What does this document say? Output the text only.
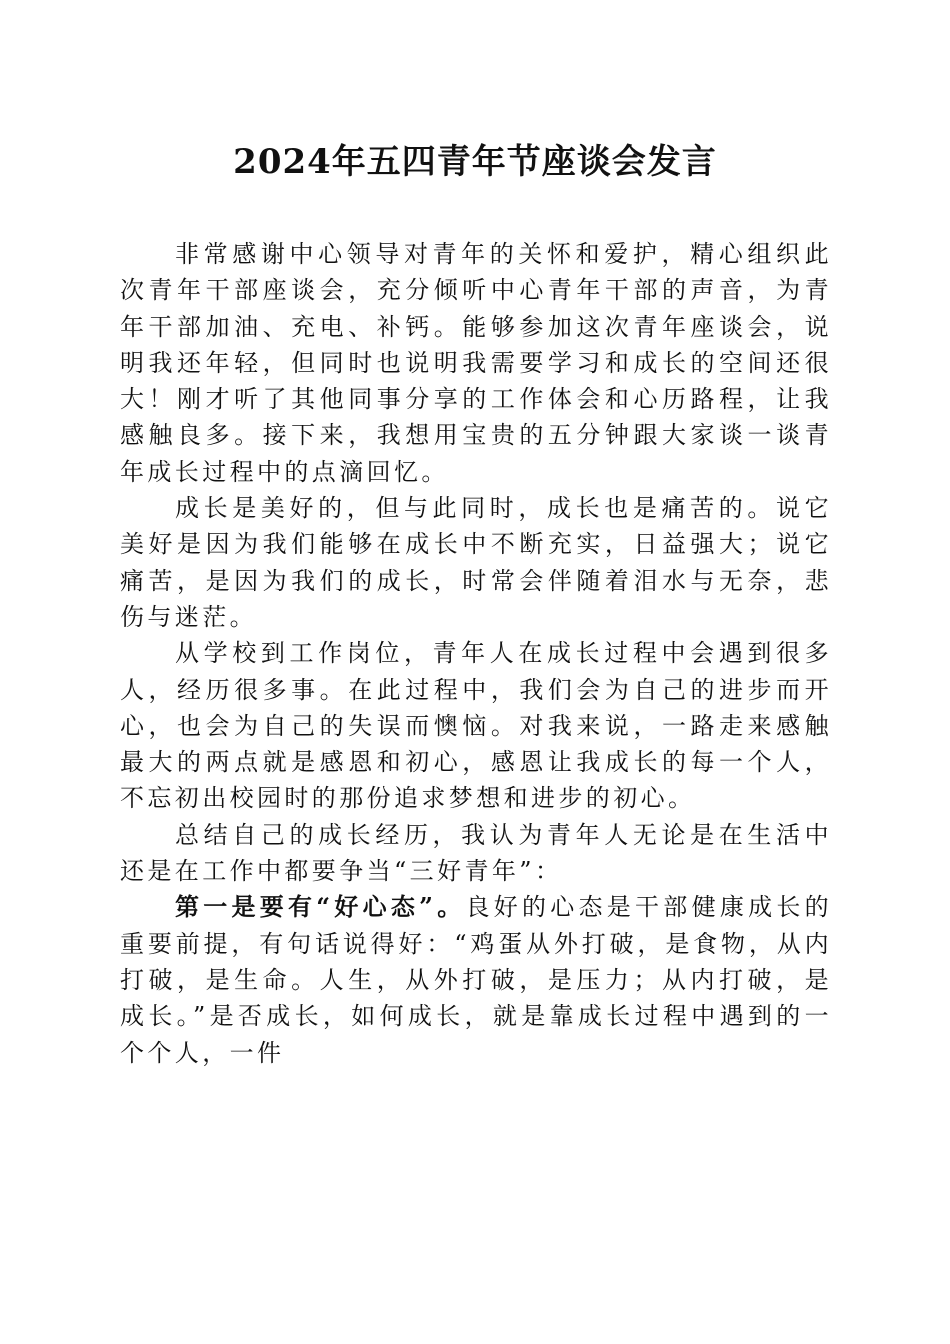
2024年五四青年节座谈会发言

非常感谢中心领导对青年的关怀和爱护，精心组织此次青年干部座谈会，充分倾听中心青年干部的声音，为青年干部加油、充电、补钙。能够参加这次青年座谈会，说明我还年轻，但同时也说明我需要学习和成长的空间还很大！刚才听了其他同事分享的工作体会和心历路程，让我感触良多。接下来，我想用宝贵的五分钟跟大家谈一谈青年成长过程中的点滴回忆。

成长是美好的，但与此同时，成长也是痛苦的。说它美好是因为我们能够在成长中不断充实，日益强大；说它痛苦，是因为我们的成长，时常会伴随着泪水与无奈，悲伤与迷茫。

从学校到工作岗位，青年人在成长过程中会遇到很多人，经历很多事。在此过程中，我们会为自己的进步而开心，也会为自己的失误而懊恼。对我来说，一路走来感触最大的两点就是感恩和初心，感恩让我成长的每一个人，不忘初出校园时的那份追求梦想和进步的初心。

总结自己的成长经历，我认为青年人无论是在生活中还是在工作中都要争当“三好青年”：

第一是要有“好心态”。良好的心态是干部健康成长的重要前提，有句话说得好：“鸡蛋从外打破，是食物，从内打破，是生命。人生，从外打破，是压力；从内打破，是成长。”是否成长，如何成长，就是靠成长过程中遇到的一个个人，一件
